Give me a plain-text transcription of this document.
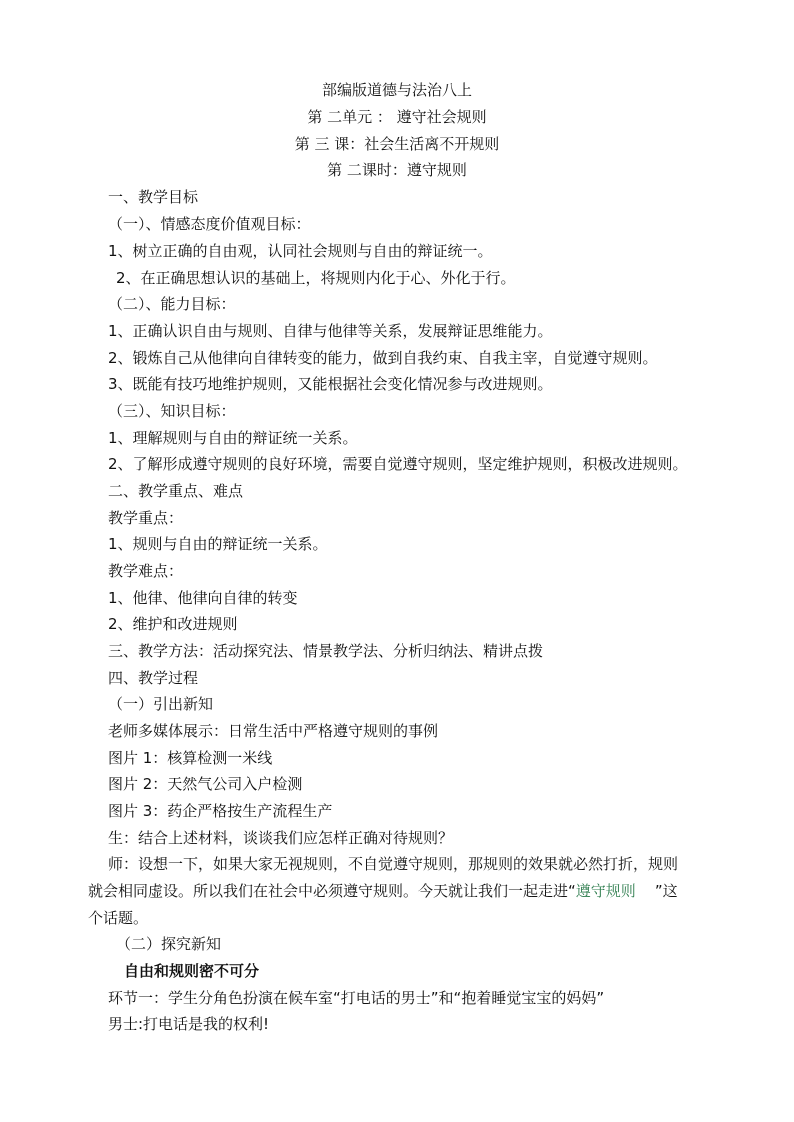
部编版道德与法治八上
第 二单元 ： 遵守社会规则
第 三 课：社会生活离不开规则
第 二课时：遵守规则
一、教学目标
（一）、情感态度价值观目标：
1、树立正确的自由观，认同社会规则与自由的辩证统一。
2、在正确思想认识的基础上，将规则内化于心、外化于行。
（二）、能力目标：
1、正确认识自由与规则、自律与他律等关系，发展辩证思维能力。
2、锻炼自己从他律向自律转变的能力，做到自我约束、自我主宰，自觉遵守规则。
3、既能有技巧地维护规则，又能根据社会变化情况参与改进规则。
（三）、知识目标：
1、理解规则与自由的辩证统一关系。
2、了解形成遵守规则的良好环境，需要自觉遵守规则，坚定维护规则，积极改进规则。
二、教学重点、难点
教学重点：
1、规则与自由的辩证统一关系。
教学难点：
1、他律、他律向自律的转变
2、维护和改进规则
三、教学方法：活动探究法、情景教学法、分析归纳法、精讲点拨
四、教学过程
（一）引出新知
老师多媒体展示：日常生活中严格遵守规则的事例
图片 1：核算检测一米线
图片 2：天然气公司入户检测
图片 3：药企严格按生产流程生产
生：结合上述材料，谈谈我们应怎样正确对待规则？
师：设想一下，如果大家无视规则，不自觉遵守规则，那规则的效果就必然打折，规则
就会相同虚设。所以我们在社会中必须遵守规则。今天就让我们一起走进“遵守规则    ”这
个话题。
（二）探究新知
自由和规则密不可分
环节一：学生分角色扮演在候车室“打电话的男士”和“抱着睡觉宝宝的妈妈”
男士:打电话是我的权利!
